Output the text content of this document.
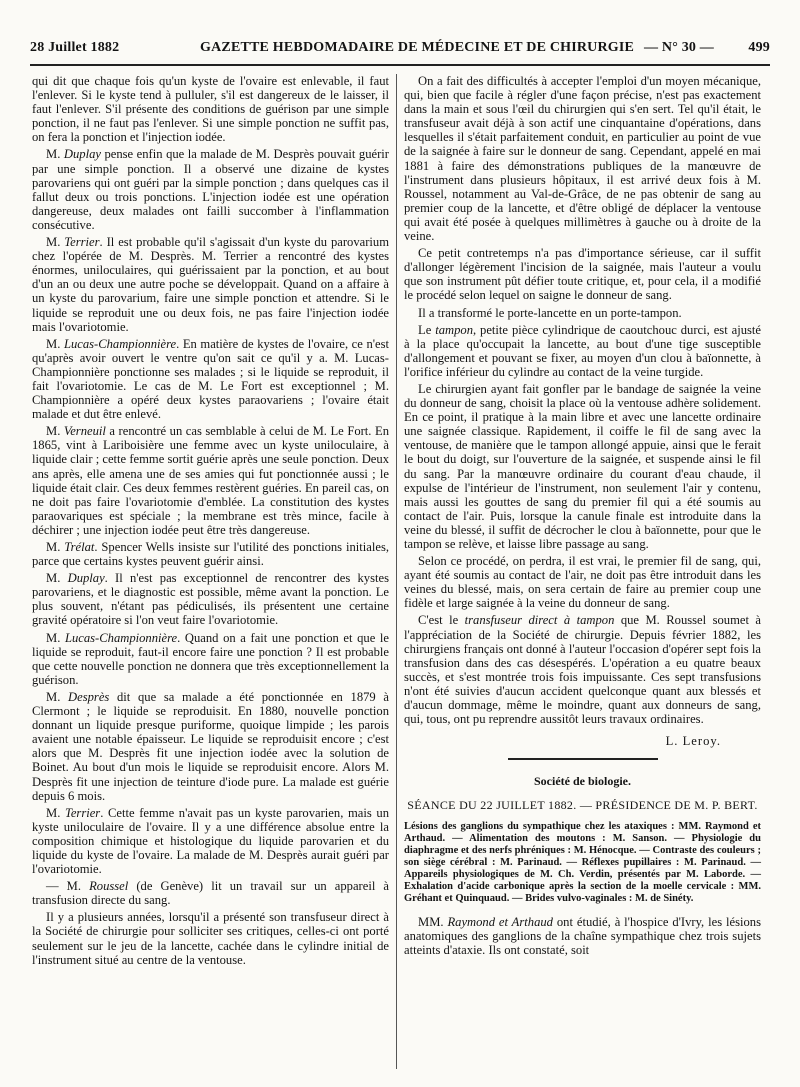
28 Juillet 1882	GAZETTE HEBDOMADAIRE DE MÉDECINE ET DE CHIRURGIE — N° 30 — 499

qui dit que chaque fois qu'un kyste de l'ovaire est enlevable, il faut l'enlever. Si le kyste tend à pulluler, s'il est dangereux de le laisser, il faut l'enlever. S'il présente des conditions de guérison par une simple ponction, il ne faut pas l'enlever. Si une simple ponction ne suffit pas, on fera la ponction et l'injection iodée.

M. Duplay pense enfin que la malade de M. Desprès pouvait guérir par une simple ponction. Il a observé une dizaine de kystes parovariens qui ont guéri par la simple ponction ; dans quelques cas il fallut deux ou trois ponctions. L'injection iodée est une opération dangereuse, deux malades ont failli succomber à l'inflammation consécutive.

M. Terrier. Il est probable qu'il s'agissait d'un kyste du parovarium chez l'opérée de M. Desprès. M. Terrier a rencontré des kystes énormes, uniloculaires, qui guérissaient par la ponction, et au bout d'un an ou deux une autre poche se développait. Quand on a affaire à un kyste du parovarium, faire une simple ponction et attendre. Si le liquide se reproduit une ou deux fois, ne pas faire l'injection iodée mais l'ovariotomie.

M. Lucas-Championnière. En matière de kystes de l'ovaire, ce n'est qu'après avoir ouvert le ventre qu'on sait ce qu'il y a. M. Lucas-Championnière ponctionne ses malades ; si le liquide se reproduit, il fait l'ovariotomie. Le cas de M. Le Fort est exceptionnel ; M. Championnière a opéré deux kystes paraovariens ; l'ovaire était malade et dut être enlevé.

M. Verneuil a rencontré un cas semblable à celui de M. Le Fort. En 1865, vint à Lariboisière une femme avec un kyste uniloculaire, à liquide clair ; cette femme sortit guérie après une seule ponction. Deux ans après, elle amena une de ses amies qui fut ponctionnée aussi ; le liquide était clair. Ces deux femmes restèrent guéries. En pareil cas, on ne doit pas faire l'ovariotomie d'emblée. La constitution des kystes paraovariques est spéciale ; la membrane est très mince, facile à déchirer ; une injection iodée peut être très dangereuse.

M. Trélat. Spencer Wells insiste sur l'utilité des ponctions initiales, parce que certains kystes peuvent guérir ainsi.

M. Duplay. Il n'est pas exceptionnel de rencontrer des kystes parovariens, et le diagnostic est possible, même avant la ponction. Le plus souvent, n'étant pas pédiculisés, ils présentent une certaine gravité opératoire si l'on veut faire l'ovariotomie.

M. Lucas-Championnière. Quand on a fait une ponction et que le liquide se reproduit, faut-il encore faire une ponction ? Il est probable que cette nouvelle ponction ne donnera que très exceptionnellement la guérison.

M. Desprès dit que sa malade a été ponctionnée en 1879 à Clermont ; le liquide se reproduisit. En 1880, nouvelle ponction donnant un liquide presque puriforme, quoique limpide ; les parois avaient une notable épaisseur. Le liquide se reproduisit encore ; c'est alors que M. Desprès fit une injection iodée avec la solution de Boinet. Au bout d'un mois le liquide se reproduisit encore. Alors M. Desprès fit une injection de teinture d'iode pure. La malade est guérie depuis 6 mois.

M. Terrier. Cette femme n'avait pas un kyste parovarien, mais un kyste uniloculaire de l'ovaire. Il y a une différence absolue entre la composition chimique et histologique du liquide parovarien et du liquide du kyste de l'ovaire. La malade de M. Desprès aurait guéri par l'ovariotomie.

— M. Roussel (de Genève) lit un travail sur un appareil à transfusion directe du sang.

Il y a plusieurs années, lorsqu'il a présenté son transfuseur direct à la Société de chirurgie pour solliciter ses critiques, celles-ci ont porté seulement sur le jeu de la lancette, cachée dans le cylindre initial de l'instrument situé au centre de la ventouse.

On a fait des difficultés à accepter l'emploi d'un moyen mécanique, qui, bien que facile à régler d'une façon précise, n'est pas exactement dans la main et sous l'œil du chirurgien qui s'en sert. Tel qu'il était, le transfuseur avait déjà à son actif une cinquantaine d'opérations, dans lesquelles il s'était parfaitement conduit, en particulier au point de vue de la saignée à faire sur le donneur de sang. Cependant, appelé en mai 1881 à faire des démonstrations publiques de la manœuvre de l'instrument dans plusieurs hôpitaux, il est arrivé deux fois à M. Roussel, notamment au Val-de-Grâce, de ne pas obtenir de sang au premier coup de la lancette, et d'être obligé de déplacer la ventouse qui avait été posée à quelques millimètres à gauche ou à droite de la veine.

Ce petit contretemps n'a pas d'importance sérieuse, car il suffit d'allonger légèrement l'incision de la saignée, mais l'auteur a voulu que son instrument pût défier toute critique, et, pour cela, il a modifié le procédé selon lequel on saigne le donneur de sang.

Il a transformé le porte-lancette en un porte-tampon.

Le tampon, petite pièce cylindrique de caoutchouc durci, est ajusté à la place qu'occupait la lancette, au bout d'une tige susceptible d'allongement et pouvant se fixer, au moyen d'un clou à baïonnette, à l'orifice inférieur du cylindre au contact de la veine turgide.

Le chirurgien ayant fait gonfler par le bandage de saignée la veine du donneur de sang, choisit la place où la ventouse adhère solidement. En ce point, il pratique à la main libre et avec une lancette ordinaire une saignée classique. Rapidement, il coiffe le fil de sang avec la ventouse, de manière que le tampon allongé appuie, ainsi que le ferait le bout du doigt, sur l'ouverture de la saignée, et suspende ainsi le fil du sang. Par la manœuvre ordinaire du courant d'eau chaude, il expulse de l'intérieur de l'instrument, non seulement l'air y contenu, mais aussi les gouttes de sang du premier fil qui a été soumis au contact de l'air. Puis, lorsque la canule finale est introduite dans la veine du blessé, il suffit de décrocher le clou à baïonnette, pour que le tampon se relève, et laisse libre passage au sang.

Selon ce procédé, on perdra, il est vrai, le premier fil de sang, qui, ayant été soumis au contact de l'air, ne doit pas être introduit dans les veines du blessé, mais, on sera certain de faire au premier coup une fidèle et large saignée à la veine du donneur de sang.

C'est le transfuseur direct à tampon que M. Roussel soumet à l'appréciation de la Société de chirurgie. Depuis février 1882, les chirurgiens français ont donné à l'auteur l'occasion d'opérer sept fois la transfusion dans des cas désespérés. L'opération a eu quatre beaux succès, et s'est montrée trois fois impuissante. Ces sept transfusions n'ont été suivies d'aucun accident quelconque quant aux blessés et d'aucun dommage, même le moindre, quant aux donneurs de sang, qui, tous, ont pu reprendre aussitôt leurs travaux ordinaires.

L. Leroy.
Société de biologie.
SÉANCE DU 22 JUILLET 1882. — PRÉSIDENCE DE M. P. BERT.
Lésions des ganglions du sympathique chez les ataxiques : MM. Raymond et Arthaud. — Alimentation des moutons : M. Sanson. — Physiologie du diaphragme et des nerfs phréniques : M. Hénocque. — Contraste des couleurs ; son siège cérébral : M. Parinaud. — Réflexes pupillaires : M. Parinaud. — Appareils physiologiques de M. Ch. Verdin, présentés par M. Laborde. — Exhalation d'acide carbonique après la section de la moelle cervicale : MM. Gréhant et Quinquaud. — Brides vulvo-vaginales : M. de Sinéty.

MM. Raymond et Arthaud ont étudié, à l'hospice d'Ivry, les lésions anatomiques des ganglions de la chaîne sympathique chez trois sujets atteints d'ataxie. Ils ont constaté, soit
